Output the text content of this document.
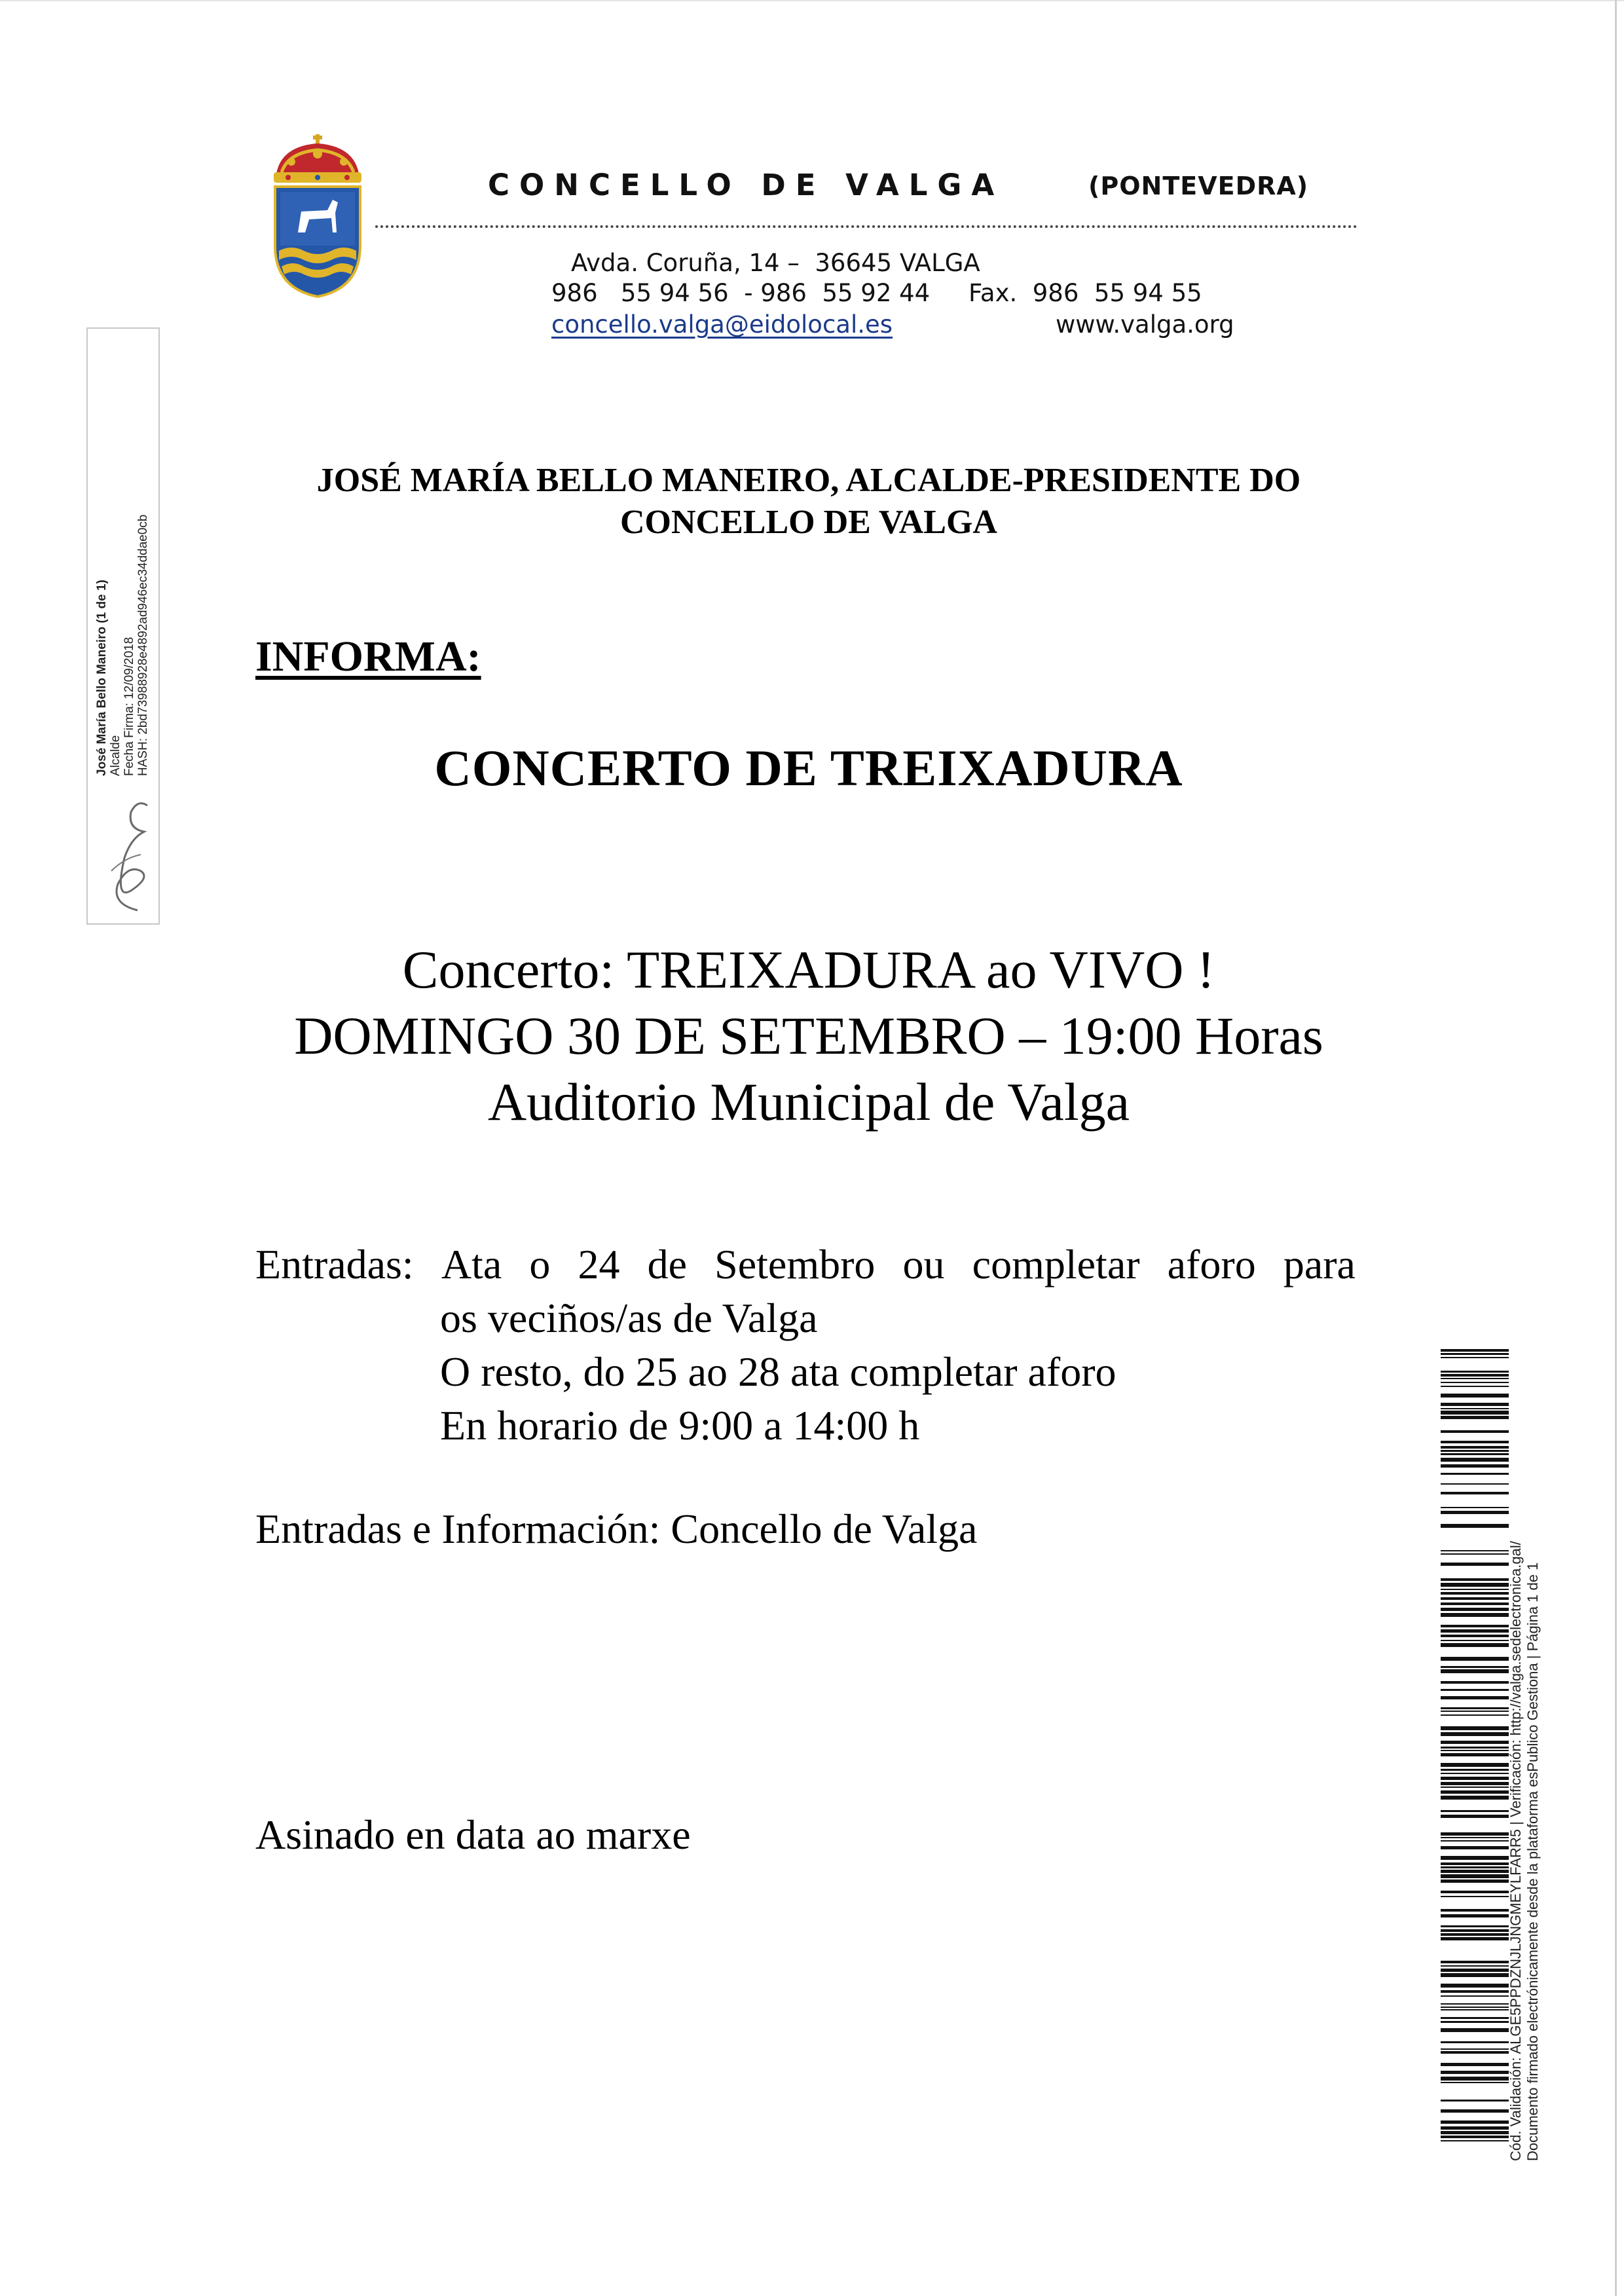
CONCELLO DE VALGA	(PONTEVEDRA)
Avda. Coruña, 14 –  36645 VALGA
986   55 94 56  - 986  55 92 44     Fax.  986  55 94 55
concello.valga@eidolocal.es	www.valga.org
José María Bello Maneiro (1 de 1) Alcalde Fecha Firma: 12/09/2018 HASH: 2bd73988928e4892ad946ec34ddae0cb
JOSÉ MARÍA BELLO MANEIRO, ALCALDE-PRESIDENTE DO
CONCELLO DE VALGA
INFORMA:
CONCERTO DE TREIXADURA
Concerto: TREIXADURA ao VIVO !
DOMINGO 30 DE SETEMBRO – 19:00 Horas
Auditorio Municipal de Valga
Entradas: Ata o 24 de Setembro ou completar aforo para
os veciños/as de Valga
O resto, do 25 ao 28 ata completar aforo
En horario de 9:00 a 14:00 h
Entradas e Información: Concello de Valga
Asinado en data ao marxe	Cód. Validación: ALGE5PPDZNJLJNGMEYLFARR5 | Verificación: http://valga.sedelectronica.gal/ Documento firmado electrónicamente desde la plataforma esPublico Gestiona | Página 1 de 1
